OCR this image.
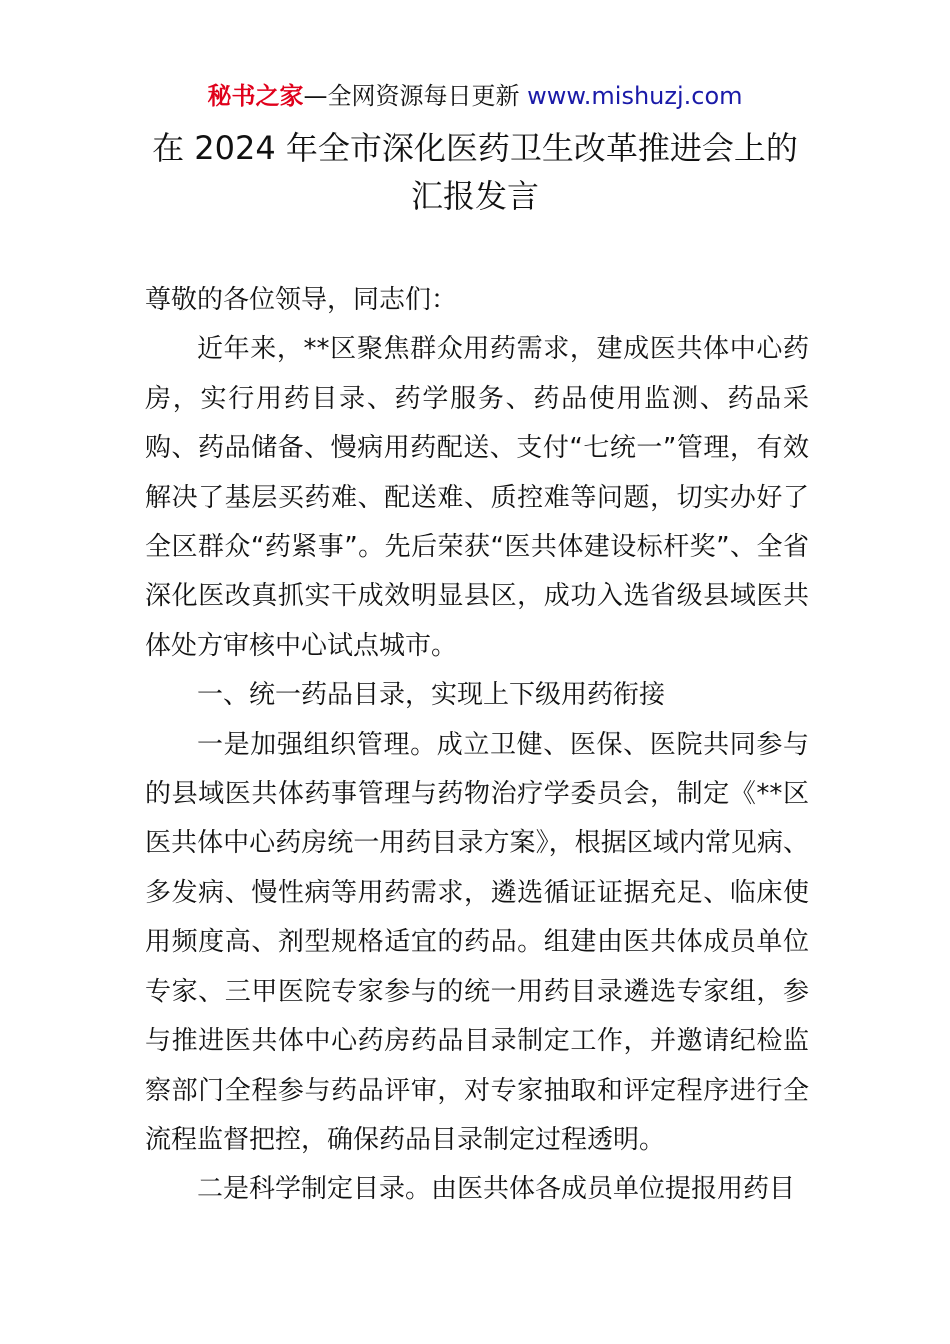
秘书之家—全网资源每日更新 www.mishuzj.com
在 2024 年全市深化医药卫生改革推进会上的
汇报发言

尊敬的各位领导，同志们：

近年来，**区聚焦群众用药需求，建成医共体中心药房，实行用药目录、药学服务、药品使用监测、药品采购、药品储备、慢病用药配送、支付“七统一”管理，有效解决了基层买药难、配送难、质控难等问题，切实办好了全区群众“药紧事”。先后荣获“医共体建设标杆奖”、全省深化医改真抓实干成效明显县区，成功入选省级县域医共体处方审核中心试点城市。

一、统一药品目录，实现上下级用药衔接

一是加强组织管理。成立卫健、医保、医院共同参与的县域医共体药事管理与药物治疗学委员会，制定《**区医共体中心药房统一用药目录方案》，根据区域内常见病、多发病、慢性病等用药需求，遴选循证证据充足、临床使用频度高、剂型规格适宜的药品。组建由医共体成员单位专家、三甲医院专家参与的统一用药目录遴选专家组，参与推进医共体中心药房药品目录制定工作，并邀请纪检监察部门全程参与药品评审，对专家抽取和评定程序进行全流程监督把控，确保药品目录制定过程透明。

二是科学制定目录。由医共体各成员单位提报用药目
